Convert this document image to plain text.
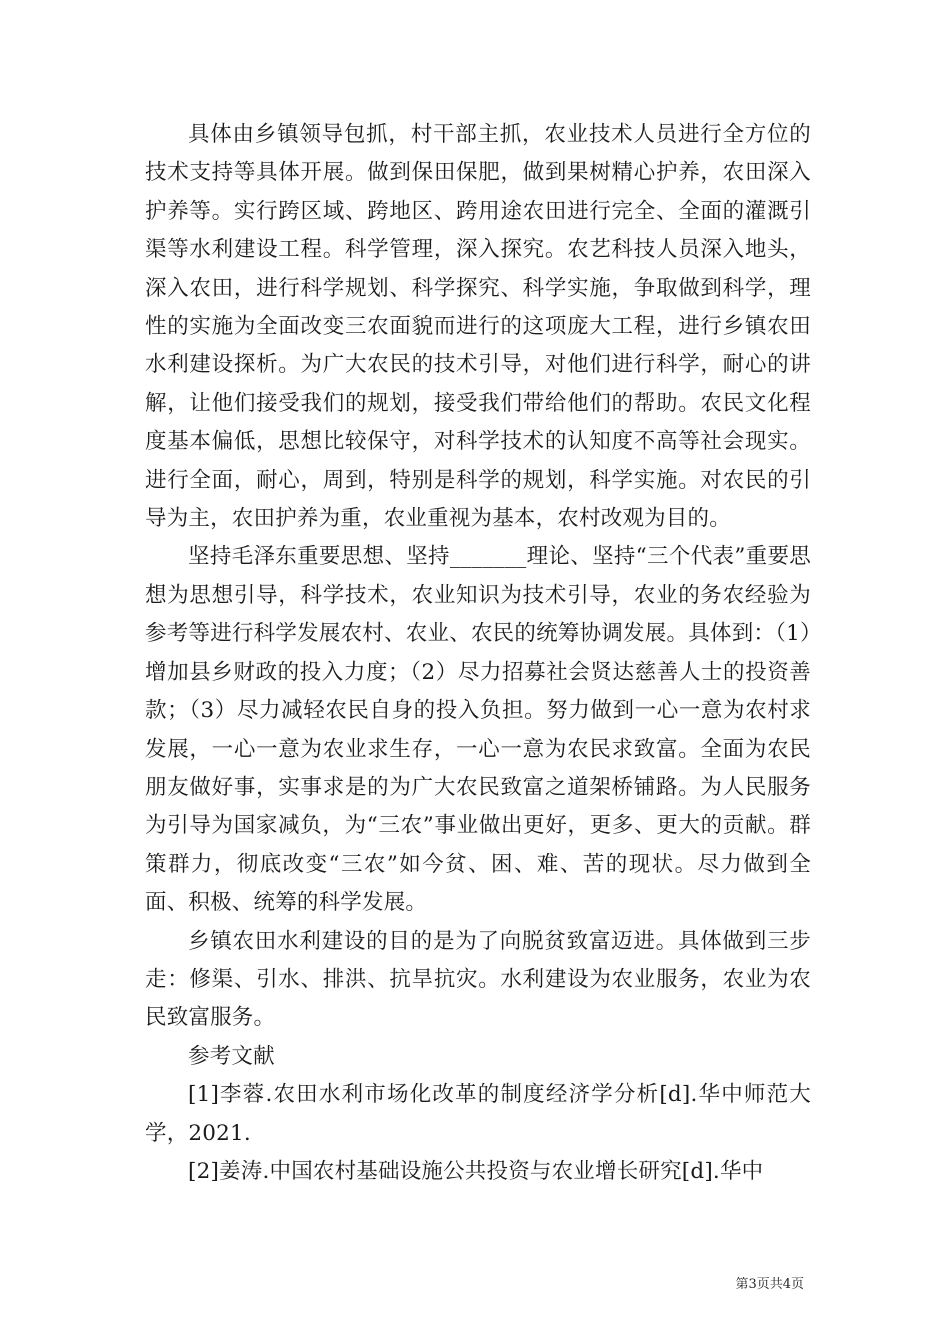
具体由乡镇领导包抓，村干部主抓，农业技术人员进行全方位的技术支持等具体开展。做到保田保肥，做到果树精心护养，农田深入护养等。实行跨区域、跨地区、跨用途农田进行完全、全面的灌溉引渠等水利建设工程。科学管理，深入探究。农艺科技人员深入地头，深入农田，进行科学规划、科学探究、科学实施，争取做到科学，理性的实施为全面改变三农面貌而进行的这项庞大工程，进行乡镇农田水利建设探析。为广大农民的技术引导，对他们进行科学，耐心的讲解，让他们接受我们的规划，接受我们带给他们的帮助。农民文化程度基本偏低，思想比较保守，对科学技术的认知度不高等社会现实。进行全面，耐心，周到，特别是科学的规划，科学实施。对农民的引导为主，农田护养为重，农业重视为基本，农村改观为目的。

坚持毛泽东重要思想、坚持_______理论、坚持“三个代表”重要思想为思想引导，科学技术，农业知识为技术引导，农业的务农经验为参考等进行科学发展农村、农业、农民的统筹协调发展。具体到：（1）增加县乡财政的投入力度；（2）尽力招募社会贤达慈善人士的投资善款；（3）尽力减轻农民自身的投入负担。努力做到一心一意为农村求发展，一心一意为农业求生存，一心一意为农民求致富。全面为农民朋友做好事，实事求是的为广大农民致富之道架桥铺路。为人民服务为引导为国家减负，为“三农”事业做出更好，更多、更大的贡献。群策群力，彻底改变“三农”如今贫、困、难、苦的现状。尽力做到全面、积极、统筹的科学发展。

乡镇农田水利建设的目的是为了向脱贫致富迈进。具体做到三步走：修渠、引水、排洪、抗旱抗灾。水利建设为农业服务，农业为农民致富服务。

参考文献

[1]李蓉.农田水利市场化改革的制度经济学分析[d].华中师范大学，2021.

[2]姜涛.中国农村基础设施公共投资与农业增长研究[d].华中

第3页共4页
